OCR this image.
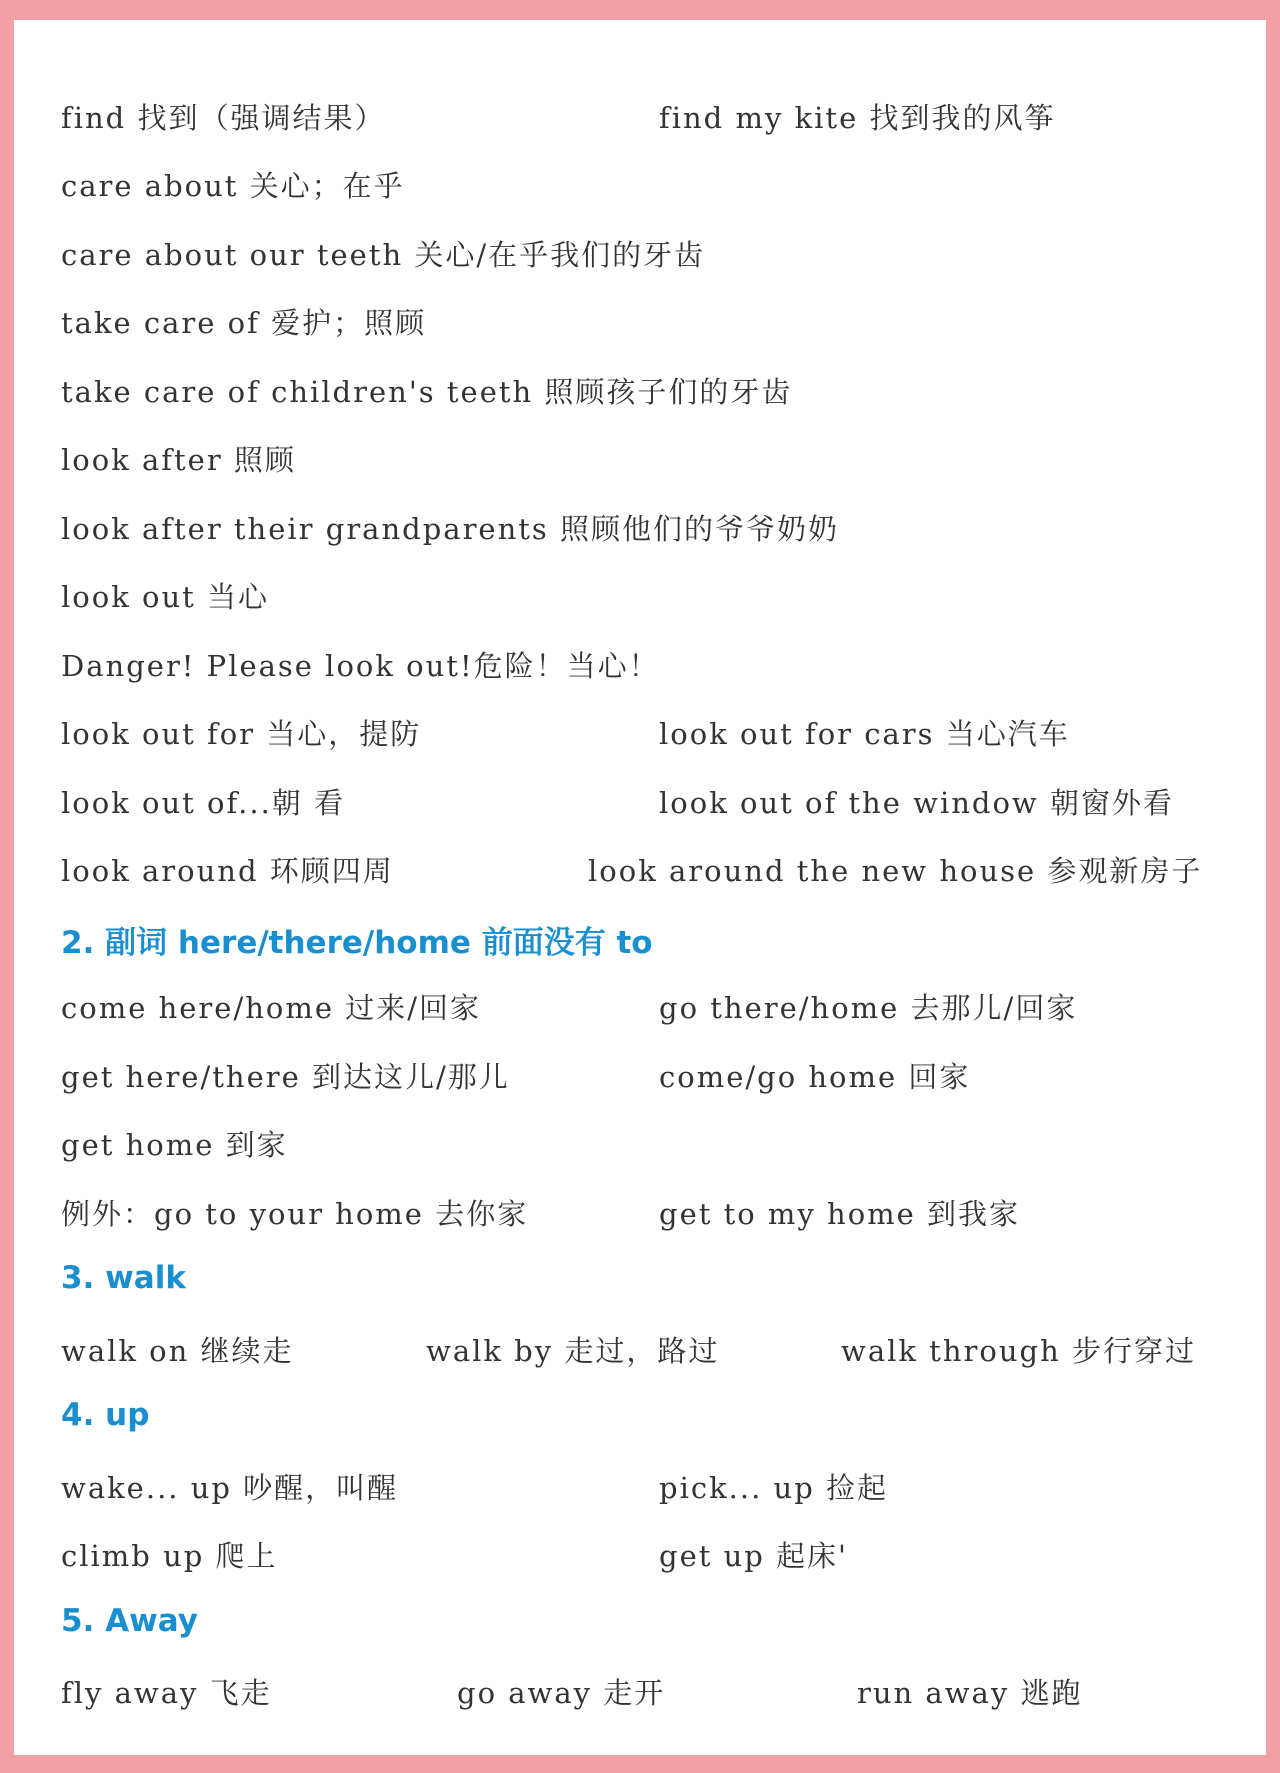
find 找到（强调结果）	find my kite 找到我的风筝
care about 关心；在乎
care about our teeth 关心/在乎我们的牙齿
take care of 爱护；照顾
take care of children's teeth 照顾孩子们的牙齿
look after 照顾
look after their grandparents 照顾他们的爷爷奶奶
look out 当心
Danger! Please look out!危险！当心！
look out for 当心，提防	look out for cars 当心汽车
look out of...朝 看	look out of the window 朝窗外看
look around 环顾四周	look around the new house 参观新房子
2. 副词 here/there/home 前面没有 to
come here/home 过来/回家	go there/home 去那儿/回家
get here/there 到达这儿/那儿	come/go home 回家
get home 到家
例外：go to your home 去你家	get to my home 到我家
3. walk
walk on 继续走	walk by 走过，路过	walk through 步行穿过
4. up
wake... up 吵醒，叫醒	pick... up 捡起
climb up 爬上	get up 起床'
5. Away
fly away 飞走	go away 走开	run away 逃跑
